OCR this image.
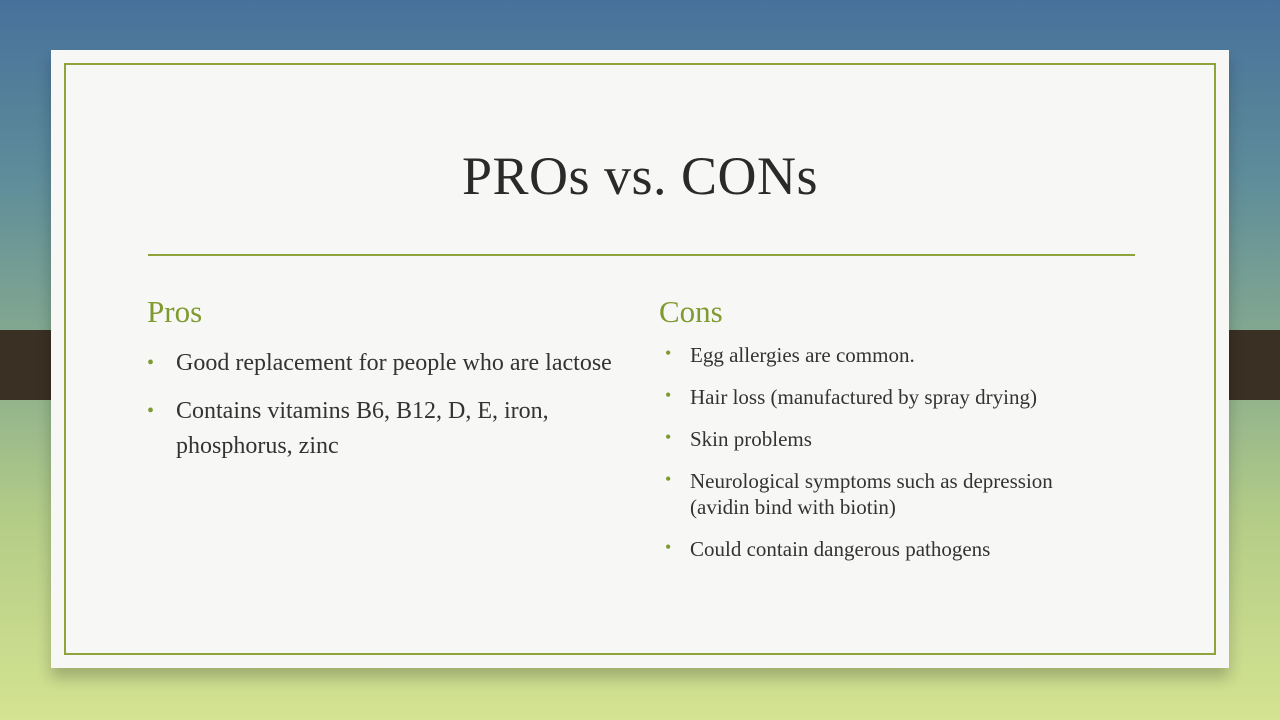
PROs vs. CONs
Pros
• Good replacement for people who are lactose
• Contains vitamins B6, B12, D, E, iron, phosphorus, zinc
Cons
• Egg allergies are common.
• Hair loss (manufactured by spray drying)
• Skin problems
• Neurological symptoms such as depression (avidin bind with biotin)
• Could contain dangerous pathogens
